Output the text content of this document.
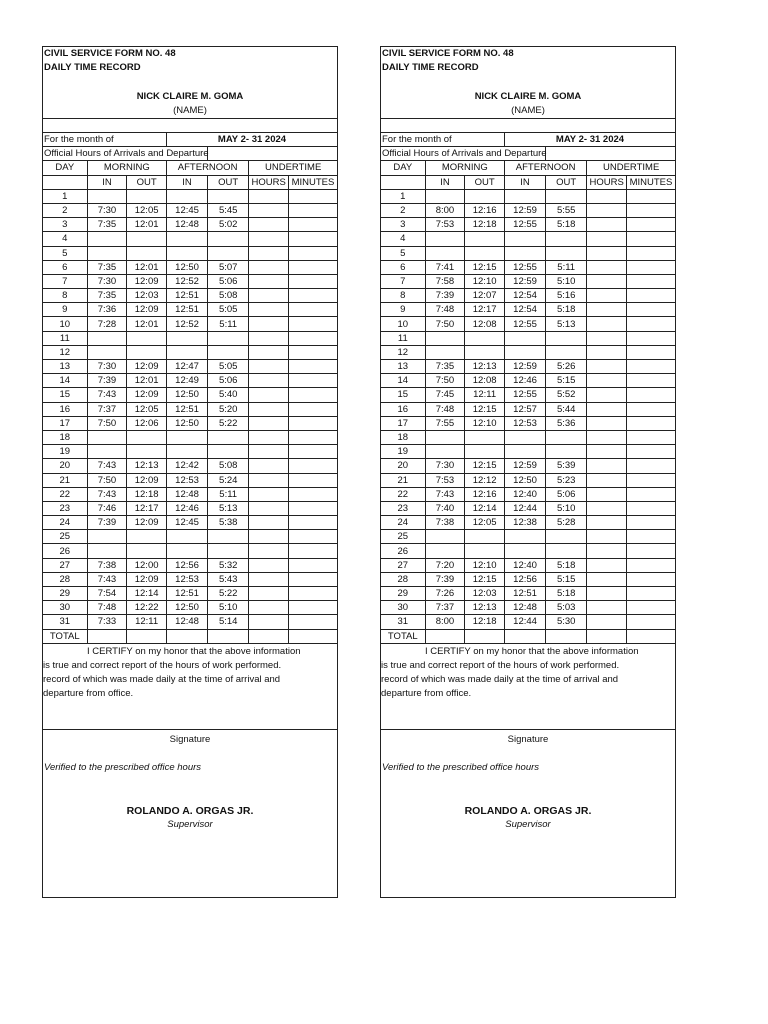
CIVIL SERVICE FORM NO. 48
DAILY TIME RECORD
NICK CLAIRE M. GOMA
(NAME)
For the month of			MAY 2- 31 2024			
Official Hours of Arrivals and Departure						
DAY	MORNING		AFTERNOON		UNDERTIME	
	IN	OUT	IN	OUT	HOURS	MINUTES
1						
2	7:30	12:05	12:45	5:45		
3	7:35	12:01	12:48	5:02		
4						
5						
6	7:35	12:01	12:50	5:07		
7	7:30	12:09	12:52	5:06		
8	7:35	12:03	12:51	5:08		
9	7:36	12:09	12:51	5:05		
10	7:28	12:01	12:52	5:11		
11						
12						
13	7:30	12:09	12:47	5:05		
14	7:39	12:01	12:49	5:06		
15	7:43	12:09	12:50	5:40		
16	7:37	12:05	12:51	5:20		
17	7:50	12:06	12:50	5:22		
18						
19						
20	7:43	12:13	12:42	5:08		
21	7:50	12:09	12:53	5:24		
22	7:43	12:18	12:48	5:11		
23	7:46	12:17	12:46	5:13		
24	7:39	12:09	12:45	5:38		
25						
26						
27	7:38	12:00	12:56	5:32		
28	7:43	12:09	12:53	5:43		
29	7:54	12:14	12:51	5:22		
30	7:48	12:22	12:50	5:10		
31	7:33	12:11	12:48	5:14		
TOTAL						
I CERTIFY on my honor that the above information
is true and correct report of the hours of work performed.
record of which was made daily at the time of arrival and
departure from office.
Signature
Verified to the prescribed office hours
ROLANDO A. ORGAS JR.
Supervisor
CIVIL SERVICE FORM NO. 48
DAILY TIME RECORD
NICK CLAIRE M. GOMA
(NAME)
For the month of			MAY 2- 31 2024			
Official Hours of Arrivals and Departure						
DAY	MORNING		AFTERNOON		UNDERTIME	
	IN	OUT	IN	OUT	HOURS	MINUTES
1						
2	8:00	12:16	12:59	5:55		
3	7:53	12:18	12:55	5:18		
4						
5						
6	7:41	12:15	12:55	5:11		
7	7:58	12:10	12:59	5:10		
8	7:39	12:07	12:54	5:16		
9	7:48	12:17	12:54	5:18		
10	7:50	12:08	12:55	5:13		
11						
12						
13	7:35	12:13	12:59	5:26		
14	7:50	12:08	12:46	5:15		
15	7:45	12:11	12:55	5:52		
16	7:48	12:15	12:57	5:44		
17	7:55	12:10	12:53	5:36		
18						
19						
20	7:30	12:15	12:59	5:39		
21	7:53	12:12	12:50	5:23		
22	7:43	12:16	12:40	5:06		
23	7:40	12:14	12:44	5:10		
24	7:38	12:05	12:38	5:28		
25						
26						
27	7:20	12:10	12:40	5:18		
28	7:39	12:15	12:56	5:15		
29	7:26	12:03	12:51	5:18		
30	7:37	12:13	12:48	5:03		
31	8:00	12:18	12:44	5:30		
TOTAL						
I CERTIFY on my honor that the above information
is true and correct report of the hours of work performed.
record of which was made daily at the time of arrival and
departure from office.
Signature
Verified to the prescribed office hours
ROLANDO A. ORGAS JR.
Supervisor
